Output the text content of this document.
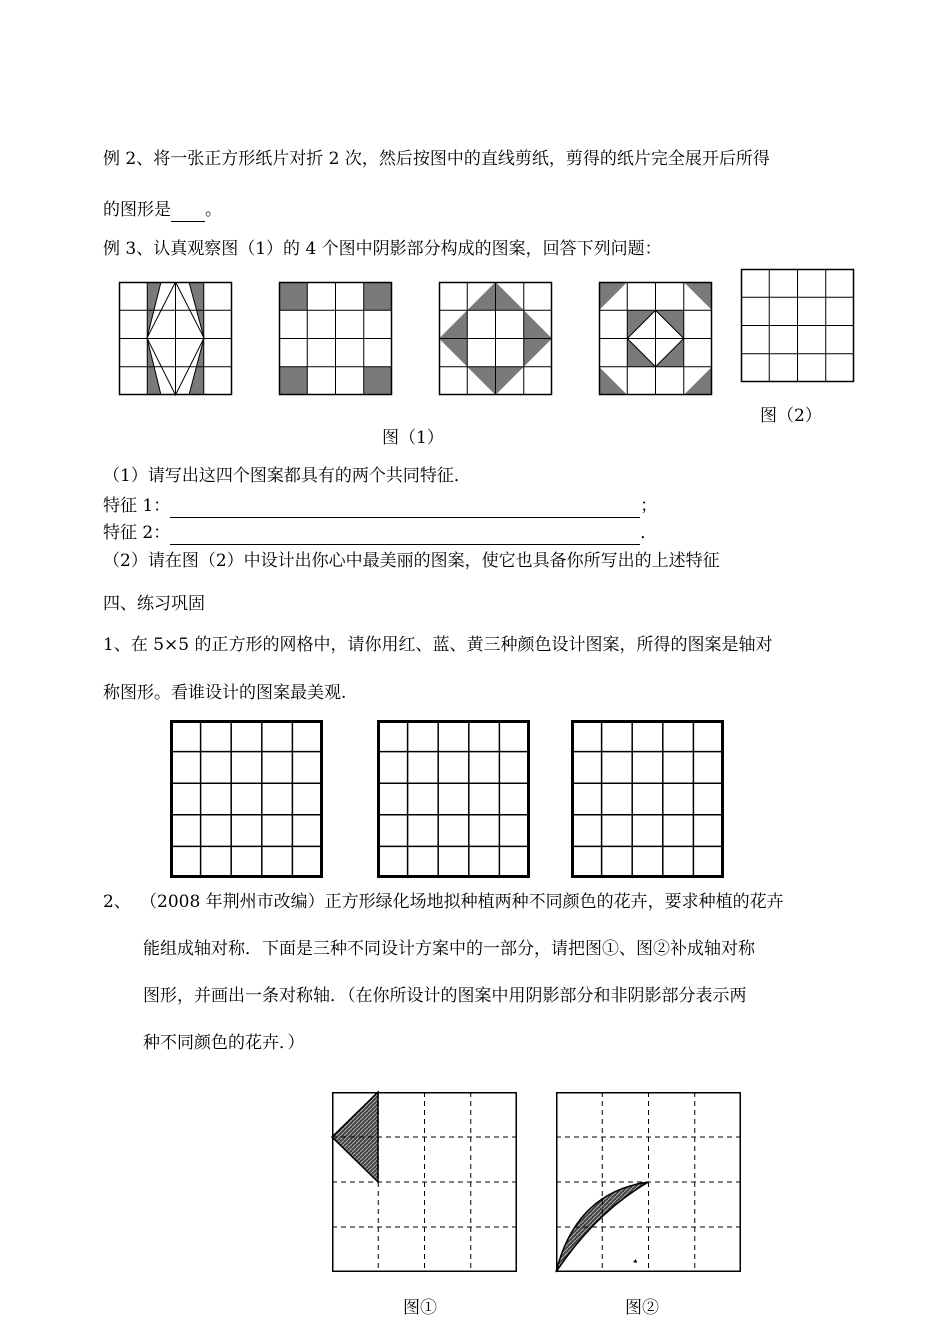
例 2、将一张正方形纸片对折 2 次，然后按图中的直线剪纸，剪得的纸片完全展开后所得
的图形是 。
例 3、认真观察图（1）的 4 个图中阴影部分构成的图案，回答下列问题：
图（2）
图（1）
（1）请写出这四个图案都具有的两个共同特征．
特征 1：	；
特征 2：	．
（2）请在图（2）中设计出你心中最美丽的图案，使它也具备你所写出的上述特征
四、练习巩固
1、在 5×5 的正方形的网格中，请你用红、蓝、黄三种颜色设计图案，所得的图案是轴对
称图形。看谁设计的图案最美观.
2、 （2008 年荆州市改编）正方形绿化场地拟种植两种不同颜色的花卉，要求种植的花卉
能组成轴对称．下面是三种不同设计方案中的一部分，请把图①、图②补成轴对称
图形，并画出一条对称轴．（在你所设计的图案中用阴影部分和非阴影部分表示两
种不同颜色的花卉．）
图①	图②
